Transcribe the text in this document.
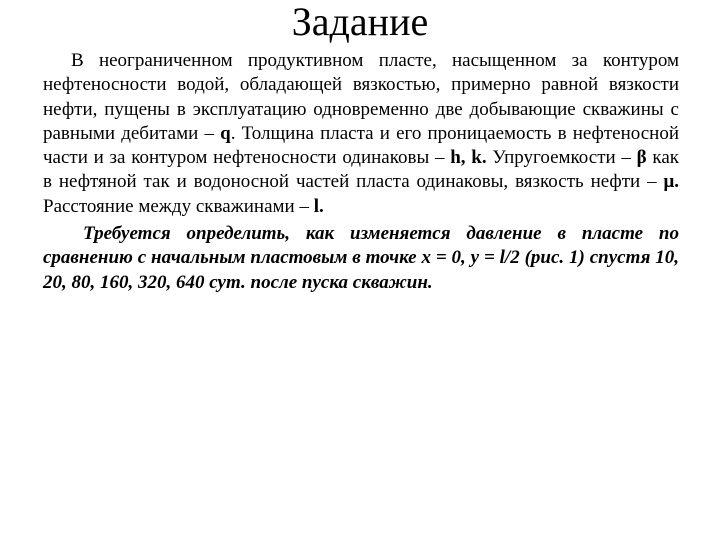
Задание

В неограниченном продуктивном пласте, насыщенном за контуром нефтеносности водой, обладающей вязкостью, примерно равной вязкости нефти, пущены в эксплуатацию одновременно две добывающие скважины с равными дебитами – q. Толщина пласта и его проницаемость в нефтеносной части и за контуром нефтеносности одинаковы – h, k. Упругоемкости – β как в нефтяной так и водоносной частей пласта одинаковы, вязкость нефти – μ. Расстояние между скважинами – l.

Требуется определить, как изменяется давление в пласте по сравнению с начальным пластовым в точке x = 0, y = l/2 (рис. 1) спустя 10, 20, 80, 160, 320, 640 сут. после пуска скважин.
